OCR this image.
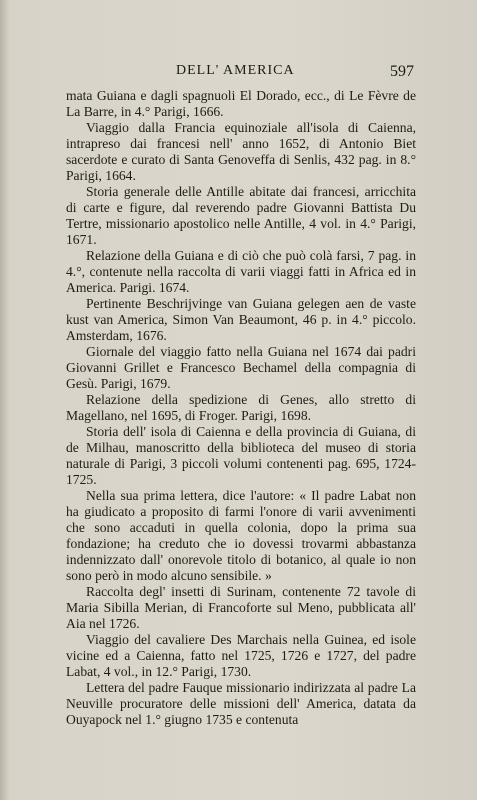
DELL' AMERICA	597

mata Guiana e dagli spagnuoli El Dorado, ecc., di Le Fèvre de La Barre, in 4.° Parigi, 1666.

Viaggio dalla Francia equinoziale all'isola di Caienna, intrapreso dai francesi nell' anno 1652, di Antonio Biet sacerdote e curato di Santa Genoveffa di Senlis, 432 pag. in 8.° Parigi, 1664.

Storia generale delle Antille abitate dai francesi, arricchita di carte e figure, dal reverendo padre Giovanni Battista Du Tertre, missionario apostolico nelle Antille, 4 vol. in 4.° Parigi, 1671.

Relazione della Guiana e di ciò che può colà farsi, 7 pag. in 4.°, contenute nella raccolta di varii viaggi fatti in Africa ed in America. Parigi. 1674.

Pertinente Beschrijvinge van Guiana gelegen aen de vaste kust van America, Simon Van Beaumont, 46 p. in 4.° piccolo. Amsterdam, 1676.

Giornale del viaggio fatto nella Guiana nel 1674 dai padri Giovanni Grillet e Francesco Bechamel della compagnia di Gesù. Parigi, 1679.

Relazione della spedizione di Genes, allo stretto di Magellano, nel 1695, di Froger. Parigi, 1698.

Storia dell' isola di Caienna e della provincia di Guiana, di de Milhau, manoscritto della biblioteca del museo di storia naturale di Parigi, 3 piccoli volumi contenenti pag. 695, 1724-1725.

Nella sua prima lettera, dice l'autore: « Il padre Labat non ha giudicato a proposito di farmi l'onore di varii avvenimenti che sono accaduti in quella colonia, dopo la prima sua fondazione; ha creduto che io dovessi trovarmi abbastanza indennizzato dall' onorevole titolo di botanico, al quale io non sono però in modo alcuno sensibile. »

Raccolta degl' insetti di Surinam, contenente 72 tavole di Maria Sibilla Merian, di Francoforte sul Meno, pubblicata all' Aia nel 1726.

Viaggio del cavaliere Des Marchais nella Guinea, ed isole vicine ed a Caienna, fatto nel 1725, 1726 e 1727, del padre Labat, 4 vol., in 12.° Parigi, 1730.

Lettera del padre Fauque missionario indirizzata al padre La Neuville procuratore delle missioni dell' America, datata da Ouyapock nel 1.° giugno 1735 e contenuta
